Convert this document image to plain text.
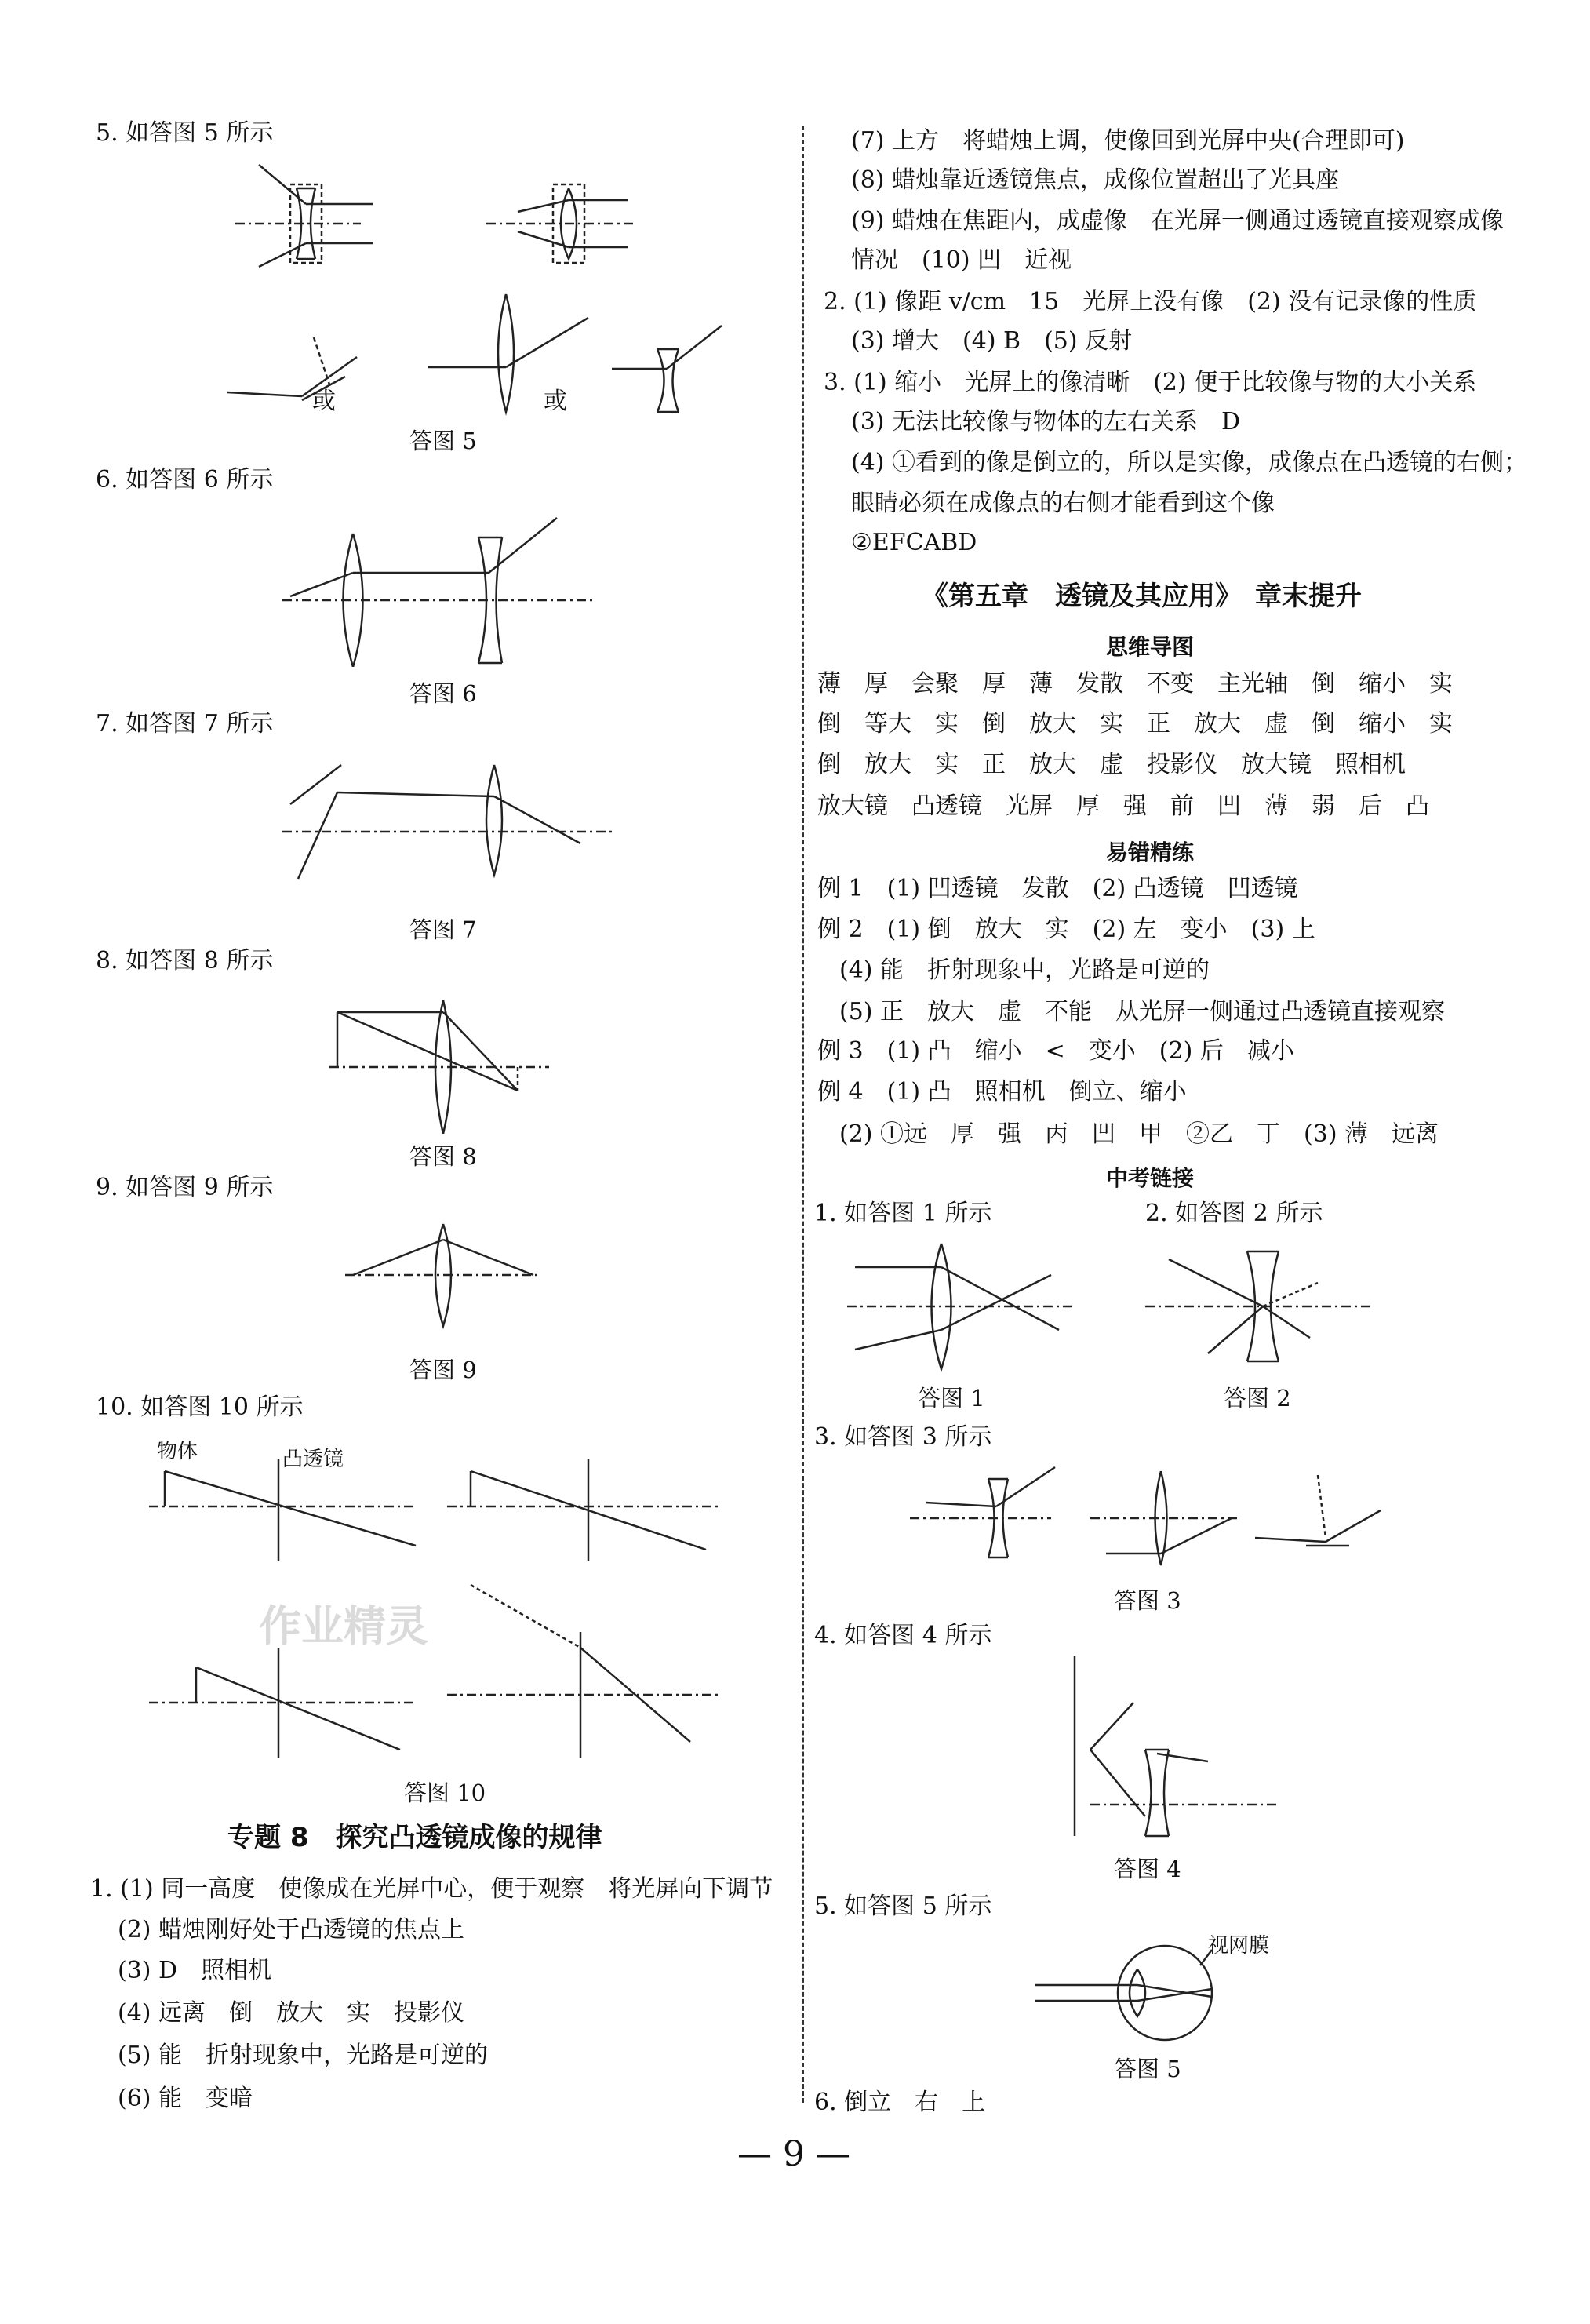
5. 如答图 5 所示
或	或
答图 5
6. 如答图 6 所示
答图 6
7. 如答图 7 所示
答图 7
8. 如答图 8 所示
答图 8
9. 如答图 9 所示
答图 9
10. 如答图 10 所示
物体	凸透镜
答图 10
专题 8　探究凸透镜成像的规律
1. (1) 同一高度　使像成在光屏中心，便于观察　将光屏向下调节
(2) 蜡烛刚好处于凸透镜的焦点上
(3) D　照相机
(4) 远离　倒　放大　实　投影仪
(5) 能　折射现象中，光路是可逆的
(6) 能　变暗
(7) 上方　将蜡烛上调，使像回到光屏中央(合理即可)
(8) 蜡烛靠近透镜焦点，成像位置超出了光具座
(9) 蜡烛在焦距内，成虚像　在光屏一侧通过透镜直接观察成像
情况　(10) 凹　近视
2. (1) 像距 v/cm　15　光屏上没有像　(2) 没有记录像的性质
(3) 增大　(4) B　(5) 反射
3. (1) 缩小　光屏上的像清晰　(2) 便于比较像与物的大小关系
(3) 无法比较像与物体的左右关系　D
(4) ①看到的像是倒立的，所以是实像，成像点在凸透镜的右侧；
眼睛必须在成像点的右侧才能看到这个像
②EFCABD
《第五章　透镜及其应用》　章末提升
思维导图
薄　厚　会聚　厚　薄　发散　不变　主光轴　倒　缩小　实
倒　等大　实　倒　放大　实　正　放大　虚　倒　缩小　实
倒　放大　实　正　放大　虚　投影仪　放大镜　照相机
放大镜　凸透镜　光屏　厚　强　前　凹　薄　弱　后　凸
易错精练
例 1　(1) 凹透镜　发散　(2) 凸透镜　凹透镜
例 2　(1) 倒　放大　实　(2) 左　变小　(3) 上
(4) 能　折射现象中，光路是可逆的
(5) 正　放大　虚　不能　从光屏一侧通过凸透镜直接观察
例 3　(1) 凸　缩小　<　变小　(2) 后　减小
例 4　(1) 凸　照相机　倒立、缩小
(2) ①远　厚　强　丙　凹　甲　②乙　丁　(3) 薄　远离
中考链接
1. 如答图 1 所示	2. 如答图 2 所示
答图 1	答图 2
3. 如答图 3 所示
答图 3
4. 如答图 4 所示
答图 4
5. 如答图 5 所示
视网膜
答图 5
6. 倒立　右　上
作业精灵
— 9 —
